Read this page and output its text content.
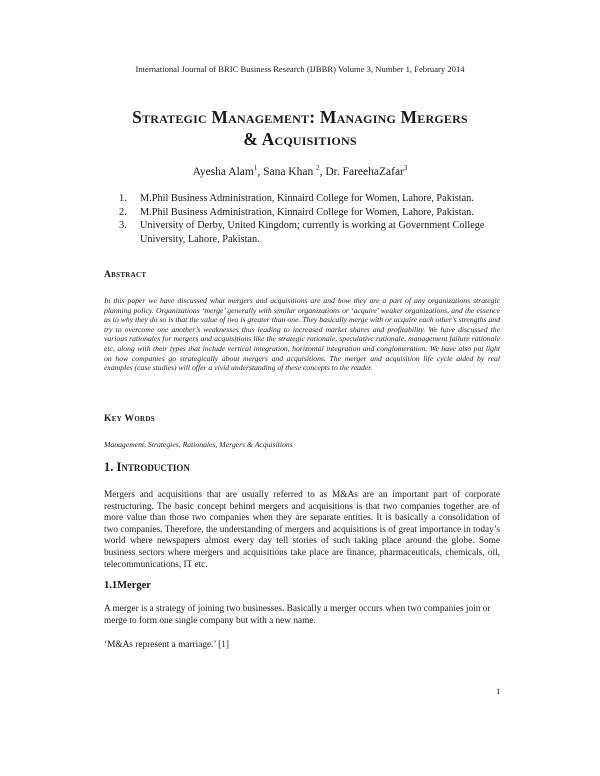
International Journal of BRIC Business Research (IJBBR) Volume 3, Number 1, February 2014
Strategic Management: Managing Mergers
& Acquisitions
Ayesha Alam$^1$, Sana Khan $^2$, Dr. FareehaZafar$^3$
1. M.Phil Business Administration, Kinnaird College for Women, Lahore, Pakistan.
2. M.Phil Business Administration, Kinnaird College for Women, Lahore, Pakistan.
3. University of Derby, United Kingdom; currently is working at Government College University, Lahore, Pakistan.
Abstract

In this paper we have discussed what mergers and acquisitions are and how they are a part of any organizations strategic planning policy. Organizations ‘merge’ generally with similar organizations or ‘acquire’ weaker organizations, and the essence as to why they do so is that the value of two is greater than one. They basically merge with or acquire each other’s strengths and try to overcome one another’s weaknesses thus leading to increased market shares and profitability. We have discussed the various rationales for mergers and acquisitions like the strategic rationale, speculative rationale, management failure rationale etc, along with their types that include vertical integration, horizontal integration and conglomeration. We have also put light on how companies go strategically about mergers and acquisitions. The merger and acquisition life cycle aided by real examples (case studies) will offer a vivid understanding of these concepts to the reader.

Key Words

Management, Strategies, Rationales, Mergers & Acquisitions

1. Introduction

Mergers and acquisitions that are usually referred to as M&As are an important part of corporate restructuring. The basic concept behind mergers and acquisitions is that two companies together are of more value than those two companies when they are separate entities. It is basically a consolidation of two companies. Therefore, the understanding of mergers and acquisitions is of great importance in today’s world where newspapers almost every day tell stories of such taking place around the globe. Some business sectors where mergers and acquisitions take place are finance, pharmaceuticals, chemicals, oil, telecommunications, IT etc.

1.1Merger

A merger is a strategy of joining two businesses. Basically a merger occurs when two companies join or merge to form one single company but with a new name.

‘M&As represent a marriage.’ [1]

1
